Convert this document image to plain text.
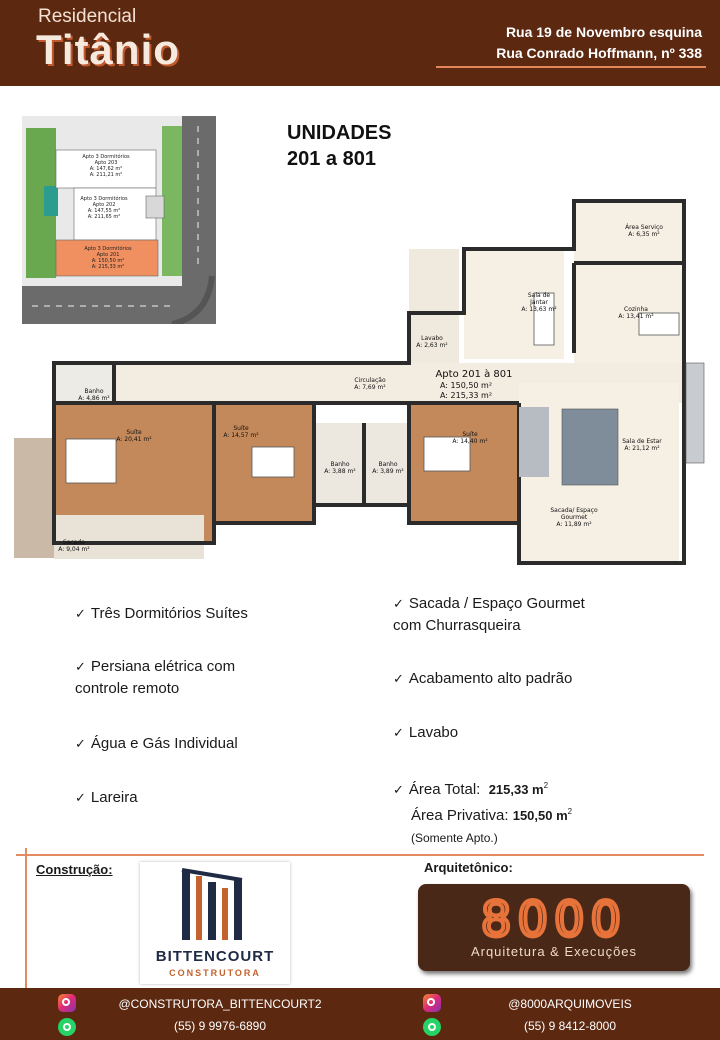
Residencial
Titânio	Rua 19 de Novembro esquina
Rua Conrado Hoffmann, nº 338
Apto 3 Dormitórios
Apto 203
A: 147,62 m²
A: 211,21 m²
Apto 3 Dormitórios
Apto 202
A: 147,55 m²
A: 211,65 m²
Apto 3 Dormitórios
Apto 201
A: 150,50 m²
A: 215,33 m²
UNIDADES
201 a 801
Área Serviço
A: 6,35 m²
Sala de
Jantar
A: 13,63 m²	Cozinha
A: 13,41 m²
Lavabo
A: 2,63 m²
Circulação
A: 7,69 m²
Banho
A: 4,86 m²
Suíte
A: 20,41 m²
Suíte
A: 14,57 m²
Banho
A: 3,88 m²
Banho
A: 3,89 m²
Suíte
A: 14,40 m²	Sala de Estar
A: 21,12 m²
Sacada/ Espaço
Gourmet
A: 11,89 m²
Sacada
A: 9,04 m²
Apto 201 à 801
A: 150,50 m²
A: 215,33 m²
✓ Três Dormitórios Suítes
✓ Persiana elétrica com
controle remoto
✓ Água e Gás Individual
✓ Lareira
✓ Sacada / Espaço Gourmet
com Churrasqueira
✓ Acabamento alto padrão
✓ Lavabo
✓ Área Total: 215,33 $m^2$
Área Privativa: 150,50 $m^2$
(Somente Apto.)
Construção:	Arquitetônico:
BITTENCOURT
CONSTRUTORA
8000
Arquitetura & Execuções
@CONSTRUTORA_BITTENCOURT2
(55) 9 9976-6890
@8000ARQUIMOVEIS
(55) 9 8412-8000
